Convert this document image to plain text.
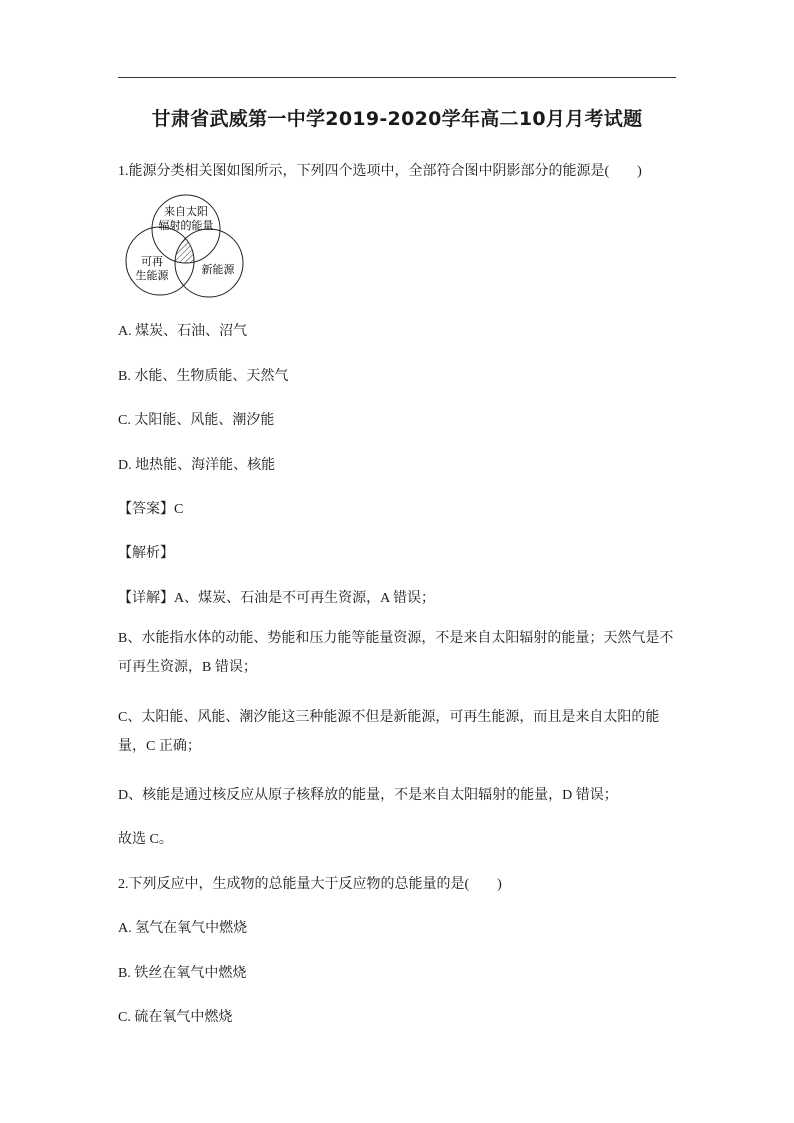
甘肃省武威第一中学2019-2020学年高二10月月考试题
1.能源分类相关图如图所示，下列四个选项中，全部符合图中阴影部分的能源是(　　)
来自太阳
辐射的能量
可再
生能源	新能源
A. 煤炭、石油、沼气
B. 水能、生物质能、天然气
C. 太阳能、风能、潮汐能
D. 地热能、海洋能、核能
【答案】C
【解析】
【详解】A、煤炭、石油是不可再生资源，A 错误；
B、水能指水体的动能、势能和压力能等能量资源，不是来自太阳辐射的能量；天然气是不可再生资源，B 错误；
C、太阳能、风能、潮汐能这三种能源不但是新能源，可再生能源，而且是来自太阳的能量，C 正确；
D、核能是通过核反应从原子核释放的能量，不是来自太阳辐射的能量，D 错误；
故选 C。
2.下列反应中，生成物的总能量大于反应物的总能量的是(　　)
A. 氢气在氧气中燃烧
B. 铁丝在氧气中燃烧
C. 硫在氧气中燃烧
